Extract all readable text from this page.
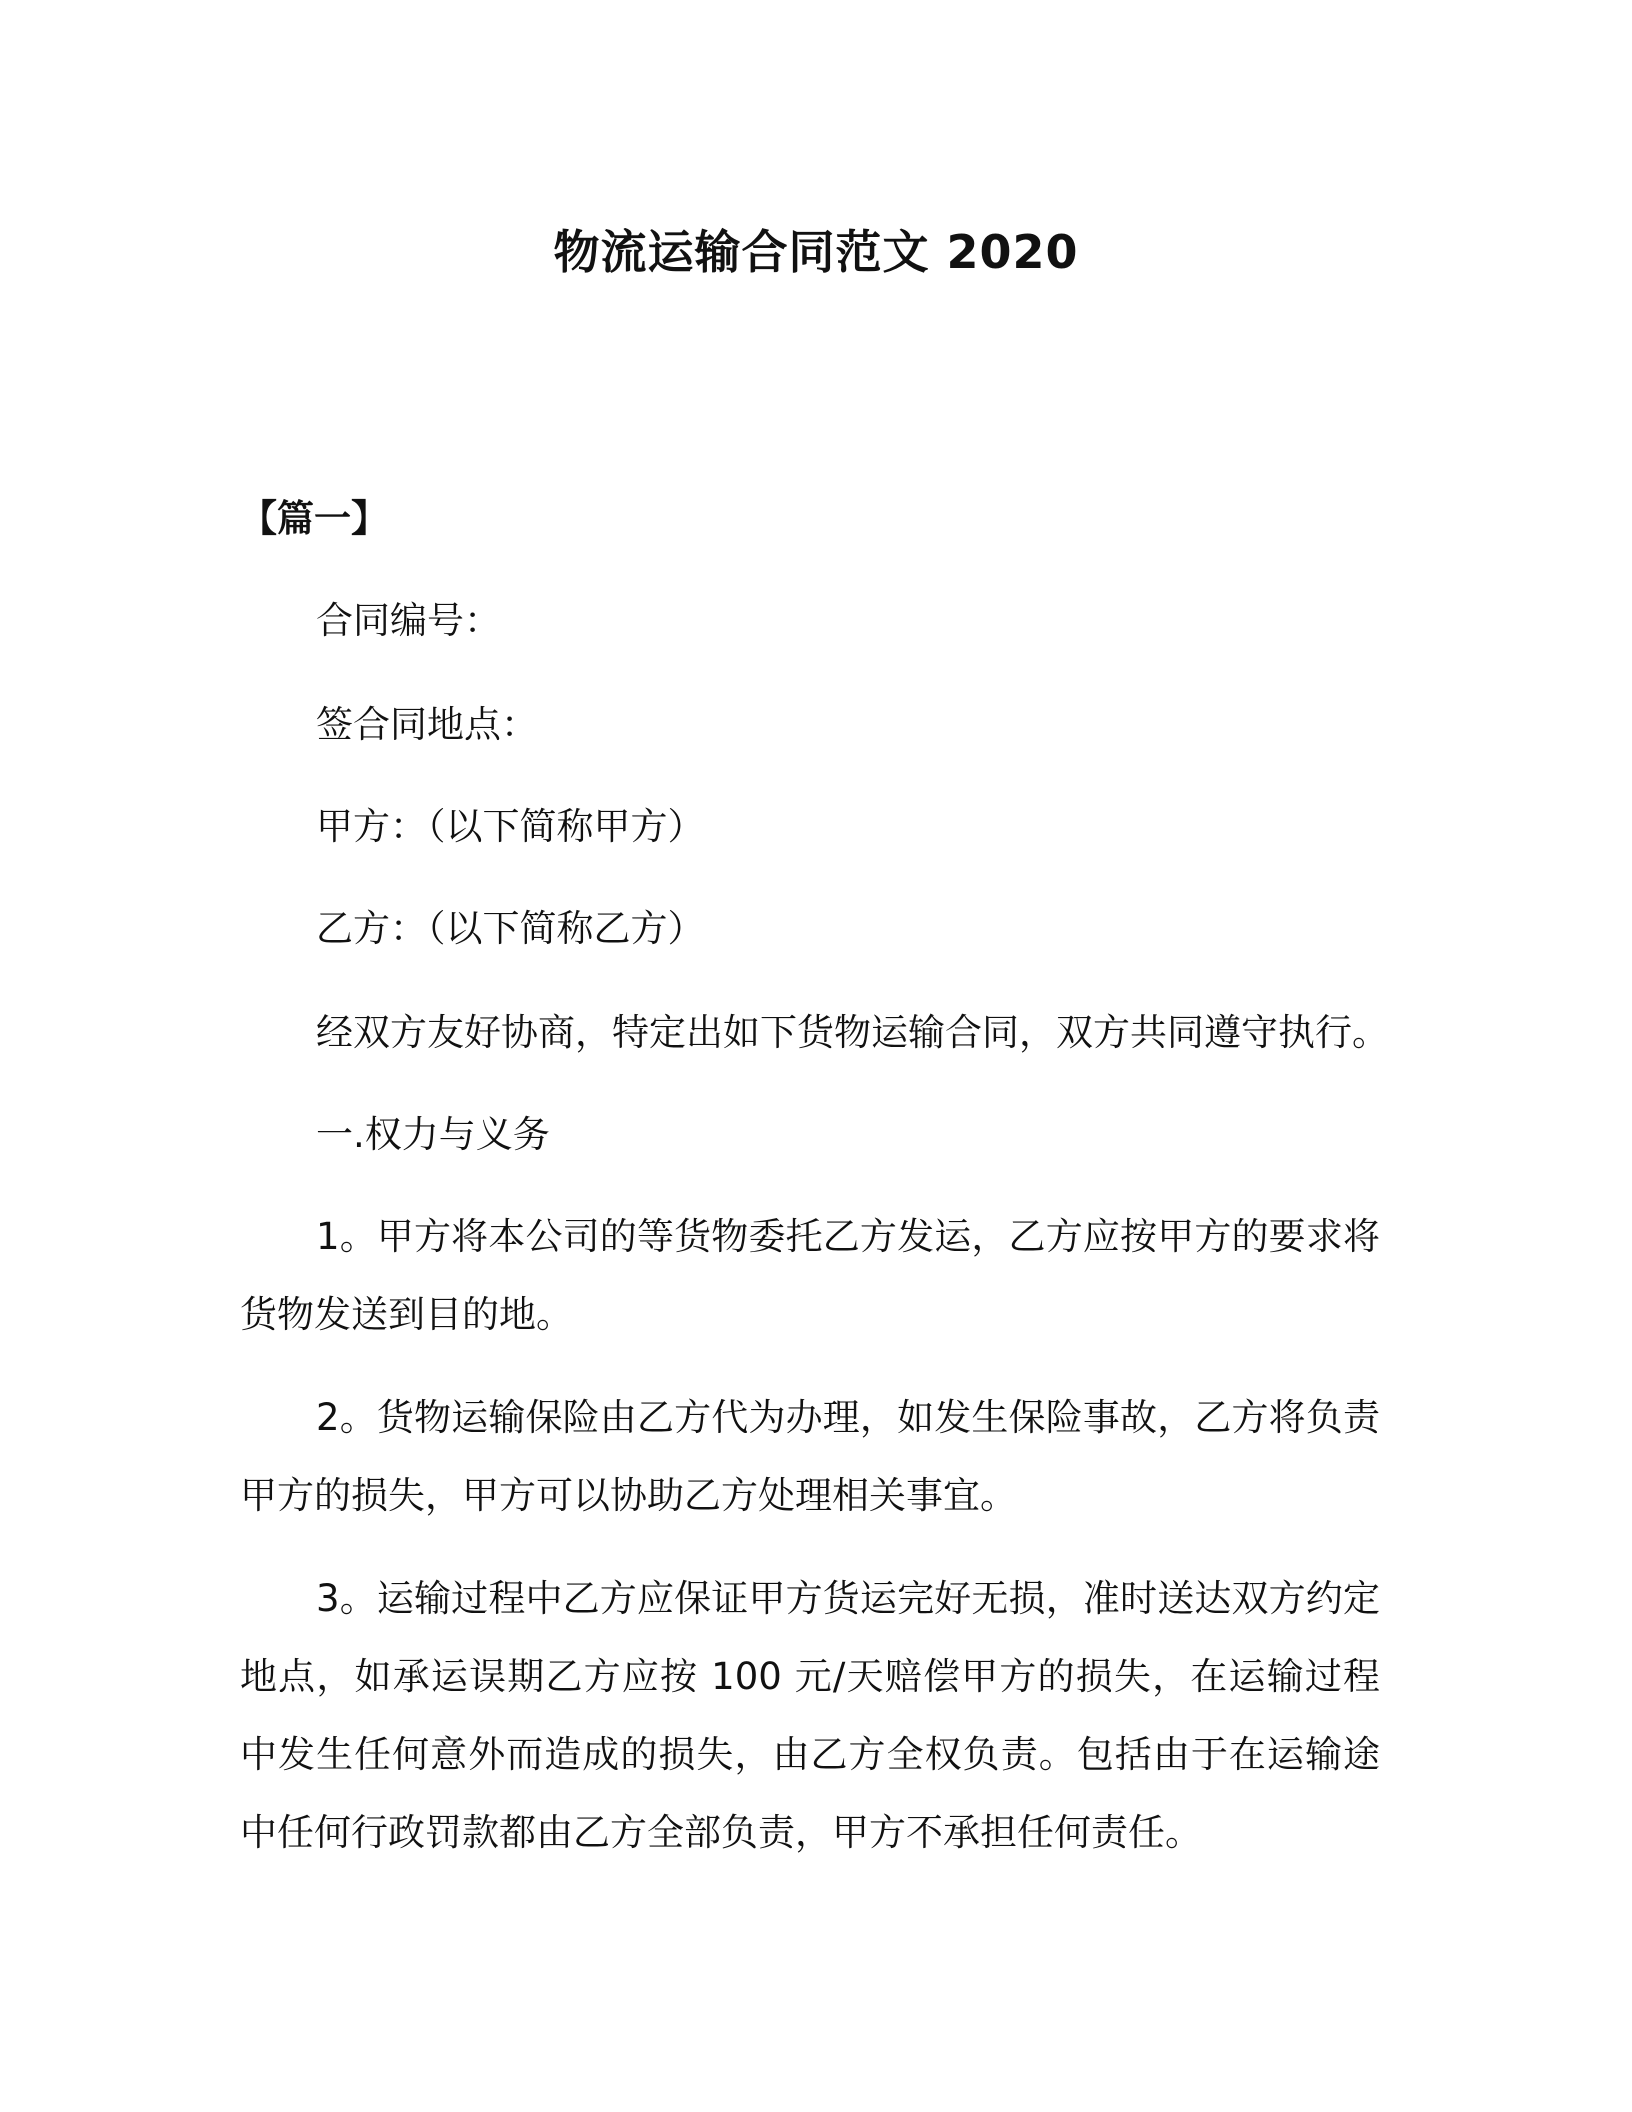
物流运输合同范文 2020
【篇一】
合同编号：
签合同地点：
甲方：（以下简称甲方）
乙方：（以下简称乙方）
经双方友好协商，特定出如下货物运输合同，双方共同遵守执行。
一.权力与义务
1。甲方将本公司的等货物委托乙方发运，乙方应按甲方的要求将货物发送到目的地。
2。货物运输保险由乙方代为办理，如发生保险事故，乙方将负责甲方的损失，甲方可以协助乙方处理相关事宜。
3。运输过程中乙方应保证甲方货运完好无损，准时送达双方约定地点，如承运误期乙方应按 100 元/天赔偿甲方的损失，在运输过程中发生任何意外而造成的损失，由乙方全权负责。包括由于在运输途中任何行政罚款都由乙方全部负责，甲方不承担任何责任。
